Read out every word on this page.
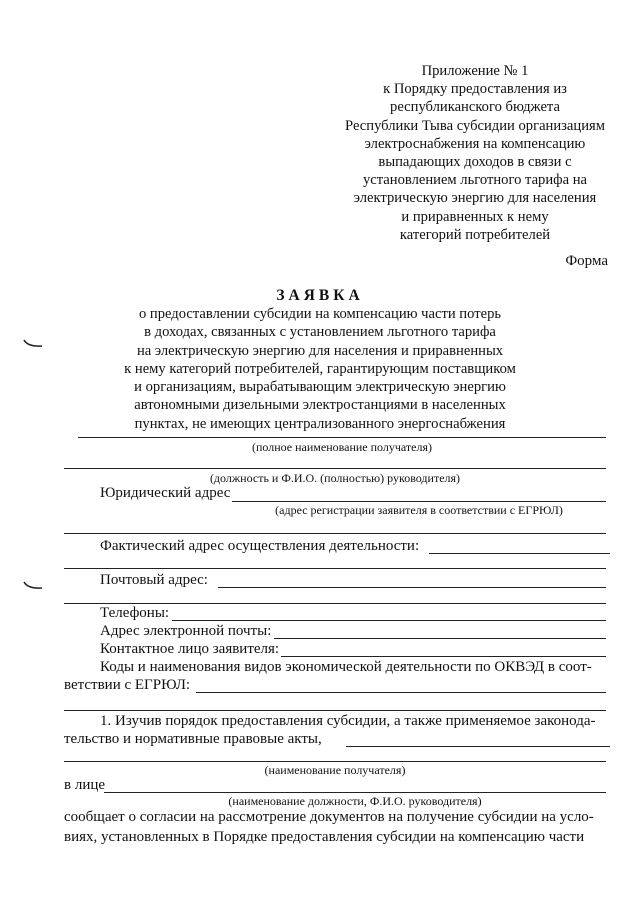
Приложение № 1
к Порядку предоставления из
республиканского бюджета
Республики Тыва субсидии организациям
электроснабжения на компенсацию
выпадающих доходов в связи с
установлением льготного тарифа на
электрическую энергию для населения
и приравненных к нему
категорий потребителей
Форма
ЗАЯВКА
о предоставлении субсидии на компенсацию части потерь
в доходах, связанных с установлением льготного тарифа
на электрическую энергию для населения и приравненных
к нему категорий потребителей, гарантирующим поставщиком
и организациям, вырабатывающим электрическую энергию
автономными дизельными электростанциями в населенных
пунктах, не имеющих централизованного энергоснабжения
(полное наименование получателя)
(должность и Ф.И.О. (полностью) руководителя)
Юридический адрес
(адрес регистрации заявителя в соответствии с ЕГРЮЛ)
Фактический адрес осуществления деятельности:
Почтовый адрес:
Телефоны:
Адрес электронной почты:
Контактное лицо заявителя:
Коды и наименования видов экономической деятельности по ОКВЭД в соот-
ветствии с ЕГРЮЛ:
1. Изучив порядок предоставления субсидии, а также применяемое законода-
тельство и нормативные правовые акты,
(наименование получателя)
в лице
(наименование должности, Ф.И.О. руководителя)
сообщает о согласии на рассмотрение документов на получение субсидии на усло-
виях, установленных в Порядке предоставления субсидии на компенсацию части
